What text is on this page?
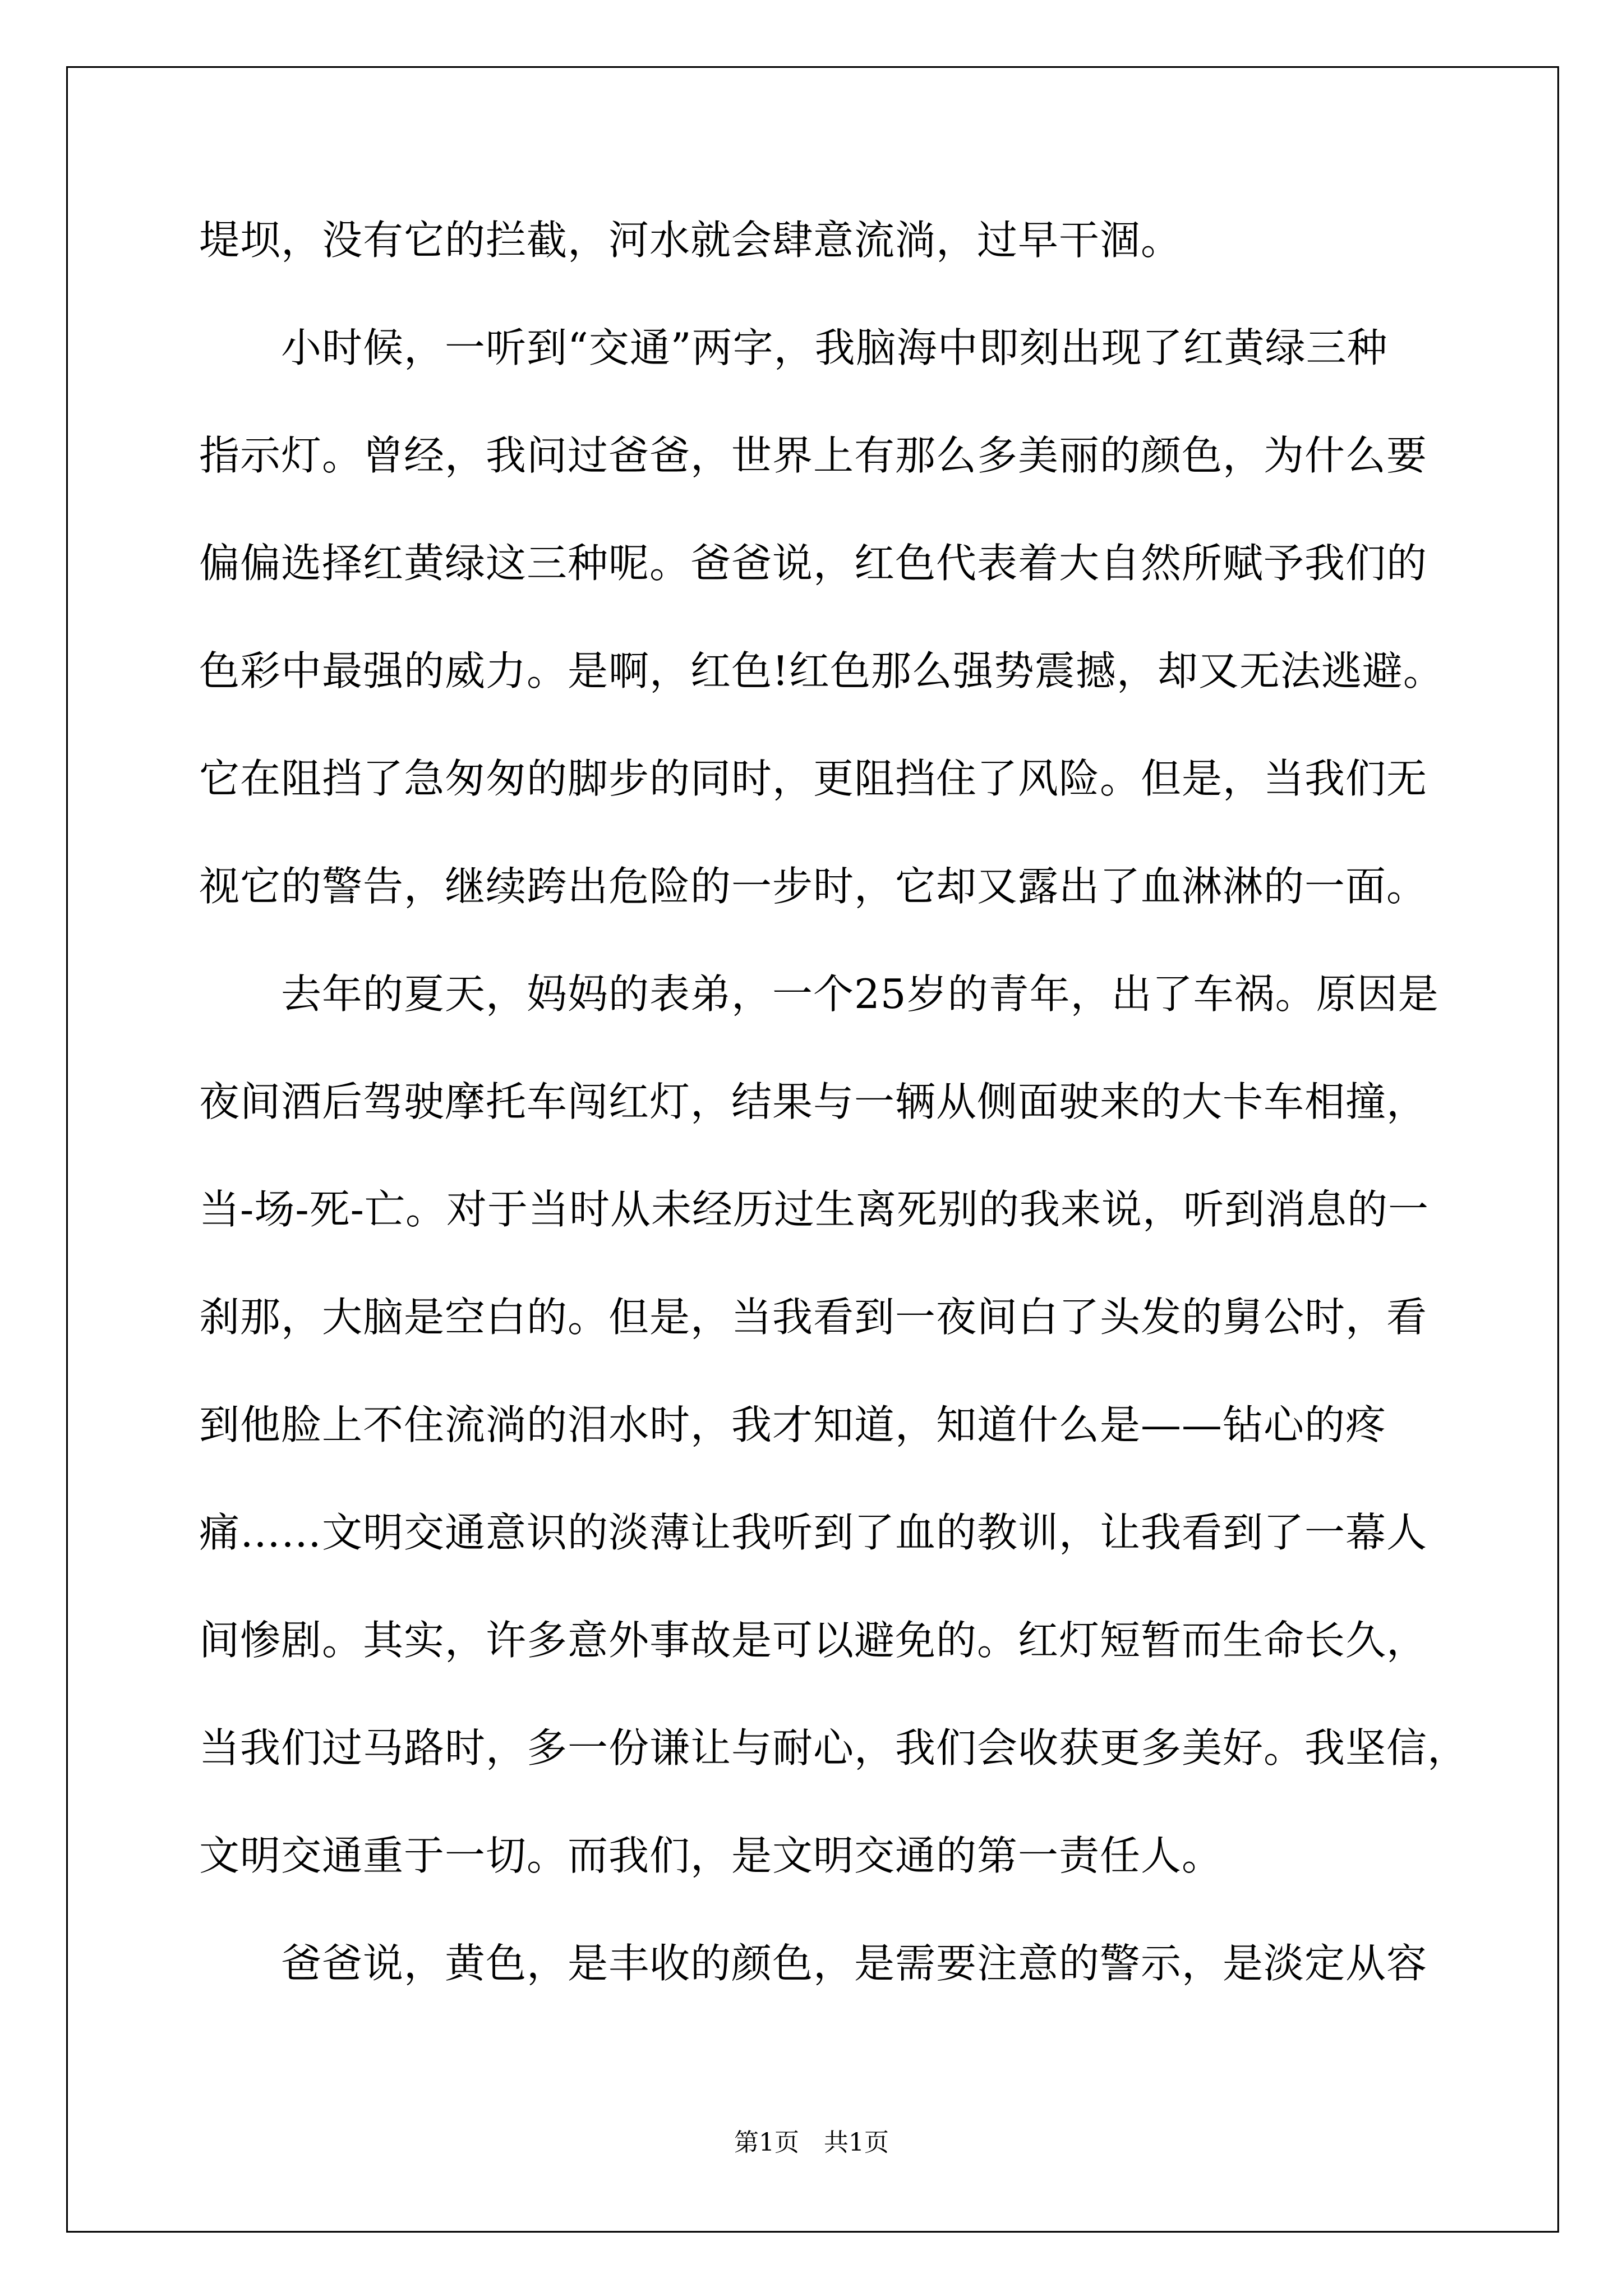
堤坝，没有它的拦截，河水就会肆意流淌，过早干涸。
　　小时候，一听到“交通”两字，我脑海中即刻出现了红黄绿三种
指示灯。曾经，我问过爸爸，世界上有那么多美丽的颜色，为什么要
偏偏选择红黄绿这三种呢。爸爸说，红色代表着大自然所赋予我们的
色彩中最强的威力。是啊，红色!红色那么强势震撼，却又无法逃避。
它在阻挡了急匆匆的脚步的同时，更阻挡住了风险。但是，当我们无
视它的警告，继续跨出危险的一步时，它却又露出了血淋淋的一面。
　　去年的夏天，妈妈的表弟，一个25岁的青年，出了车祸。原因是
夜间酒后驾驶摩托车闯红灯，结果与一辆从侧面驶来的大卡车相撞，
当-场-死-亡。对于当时从未经历过生离死别的我来说，听到消息的一
刹那，大脑是空白的。但是，当我看到一夜间白了头发的舅公时，看
到他脸上不住流淌的泪水时，我才知道，知道什么是——钻心的疼
痛……文明交通意识的淡薄让我听到了血的教训，让我看到了一幕人
间惨剧。其实，许多意外事故是可以避免的。红灯短暂而生命长久，
当我们过马路时，多一份谦让与耐心，我们会收获更多美好。我坚信，
文明交通重于一切。而我们，是文明交通的第一责任人。
　　爸爸说，黄色，是丰收的颜色，是需要注意的警示，是淡定从容
第1页　共1页
